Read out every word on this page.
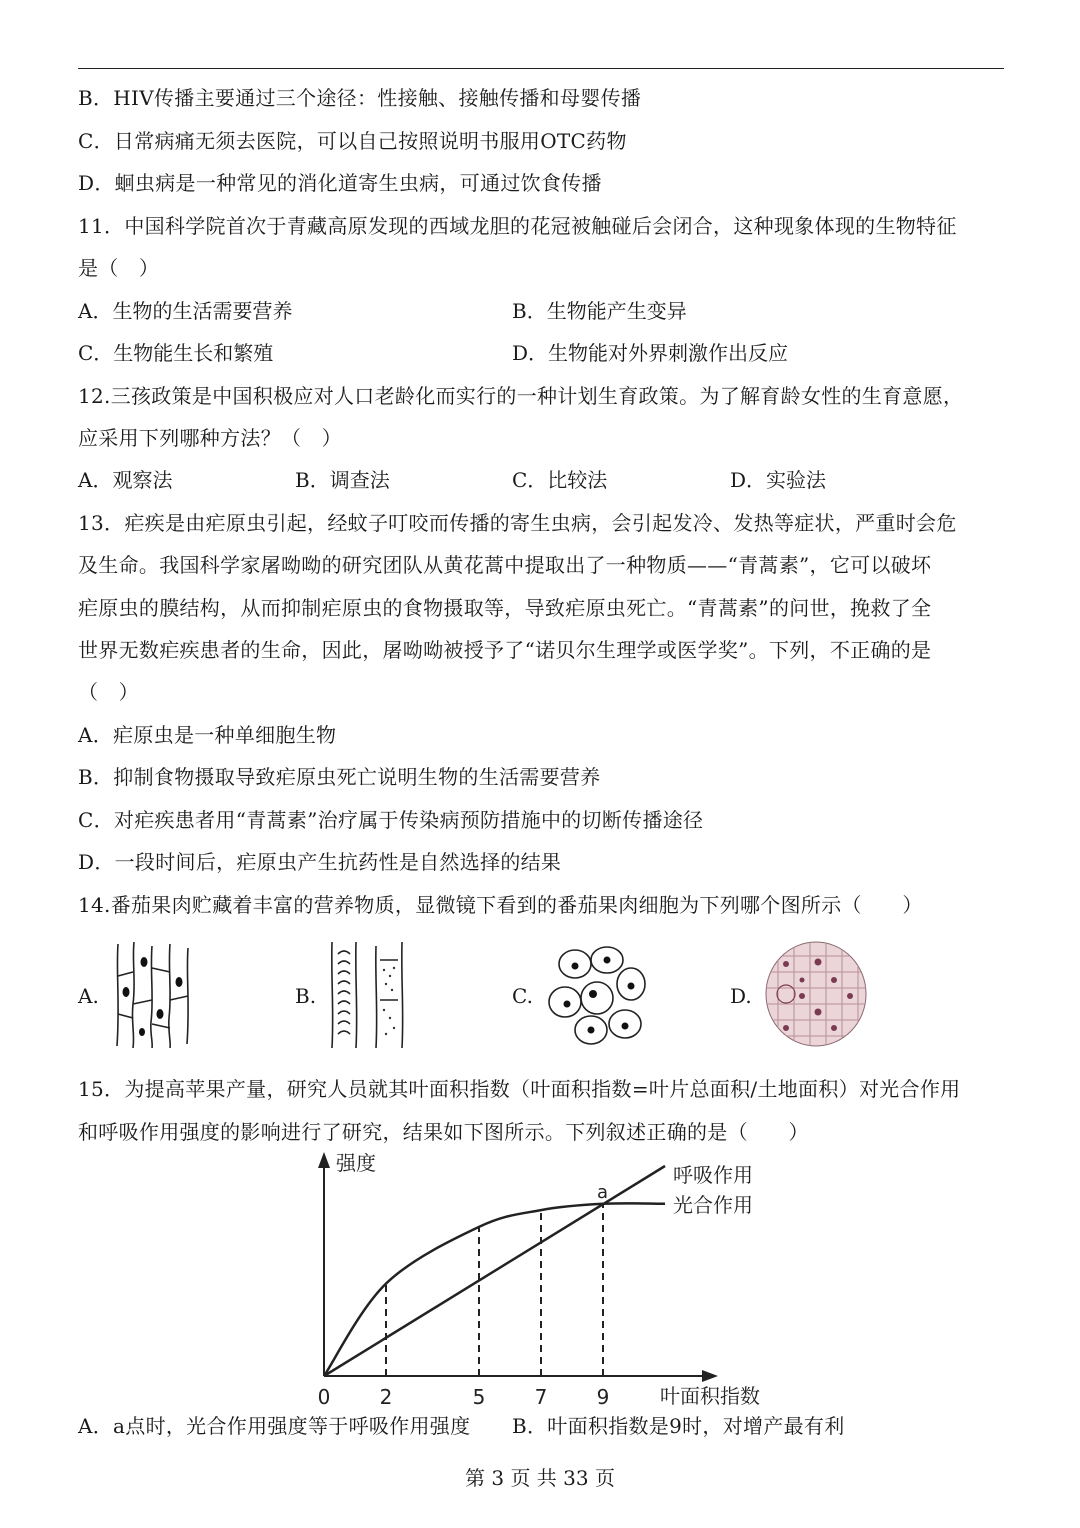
B．HIV传播主要通过三个途径：性接触、接触传播和母婴传播
C．日常病痛无须去医院，可以自己按照说明书服用OTC药物
D．蛔虫病是一种常见的消化道寄生虫病，可通过饮食传播
11．中国科学院首次于青藏高原发现的西域龙胆的花冠被触碰后会闭合，这种现象体现的生物特征
是（　）
A．生物的生活需要营养	B．生物能产生变异
C．生物能生长和繁殖	D．生物能对外界刺激作出反应
12.三孩政策是中国积极应对人口老龄化而实行的一种计划生育政策。为了解育龄女性的生育意愿，
应采用下列哪种方法？（　）
A．观察法	B．调查法	C．比较法	D．实验法
13．疟疾是由疟原虫引起，经蚊子叮咬而传播的寄生虫病，会引起发冷、发热等症状，严重时会危
及生命。我国科学家屠呦呦的研究团队从黄花蒿中提取出了一种物质——“青蒿素”，它可以破坏
疟原虫的膜结构，从而抑制疟原虫的食物摄取等，导致疟原虫死亡。“青蒿素”的问世，挽救了全
世界无数疟疾患者的生命，因此，屠呦呦被授予了“诺贝尔生理学或医学奖”。下列，不正确的是
（　）
A．疟原虫是一种单细胞生物
B．抑制食物摄取导致疟原虫死亡说明生物的生活需要营养
C．对疟疾患者用“青蒿素”治疗属于传染病预防措施中的切断传播途径
D．一段时间后，疟原虫产生抗药性是自然选择的结果
14.番茄果肉贮藏着丰富的营养物质，显微镜下看到的番茄果肉细胞为下列哪个图所示（　　）
A.	B.	C.	D.
15．为提高苹果产量，研究人员就其叶面积指数（叶面积指数=叶片总面积/土地面积）对光合作用
和呼吸作用强度的影响进行了研究，结果如下图所示。下列叙述正确的是（　　）
强度
叶面积指数
0 2	5 7 9
a
呼吸作用
光合作用
A．a点时，光合作用强度等于呼吸作用强度 B．叶面积指数是9时，对增产最有利
第 3 页 共 33 页
